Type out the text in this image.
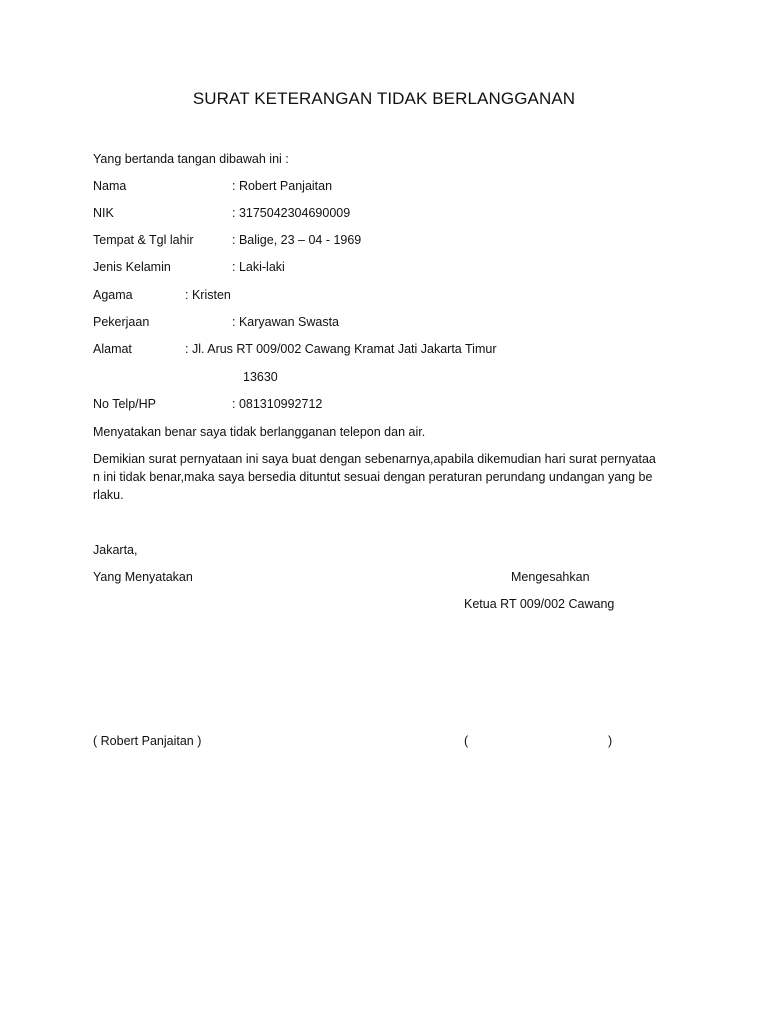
SURAT KETERANGAN TIDAK BERLANGGANAN
Yang bertanda tangan dibawah ini :
Nama	: Robert Panjaitan
NIK	: 3175042304690009
Tempat & Tgl lahir	: Balige, 23 – 04 - 1969
Jenis Kelamin	: Laki-laki
Agama	: Kristen
Pekerjaan	: Karyawan Swasta
Alamat	: Jl. Arus RT 009/002 Cawang Kramat Jati Jakarta Timur
13630
No Telp/HP	: 081310992712
Menyatakan benar saya tidak berlangganan telepon dan air.
Demikian surat pernyataan ini saya buat dengan sebenarnya,apabila dikemudian hari surat pernyataa
n ini tidak benar,maka saya bersedia dituntut sesuai dengan peraturan perundang undangan yang be
rlaku.
Jakarta,
Yang Menyatakan	Mengesahkan
Ketua RT 009/002 Cawang
( Robert Panjaitan )	(	)
